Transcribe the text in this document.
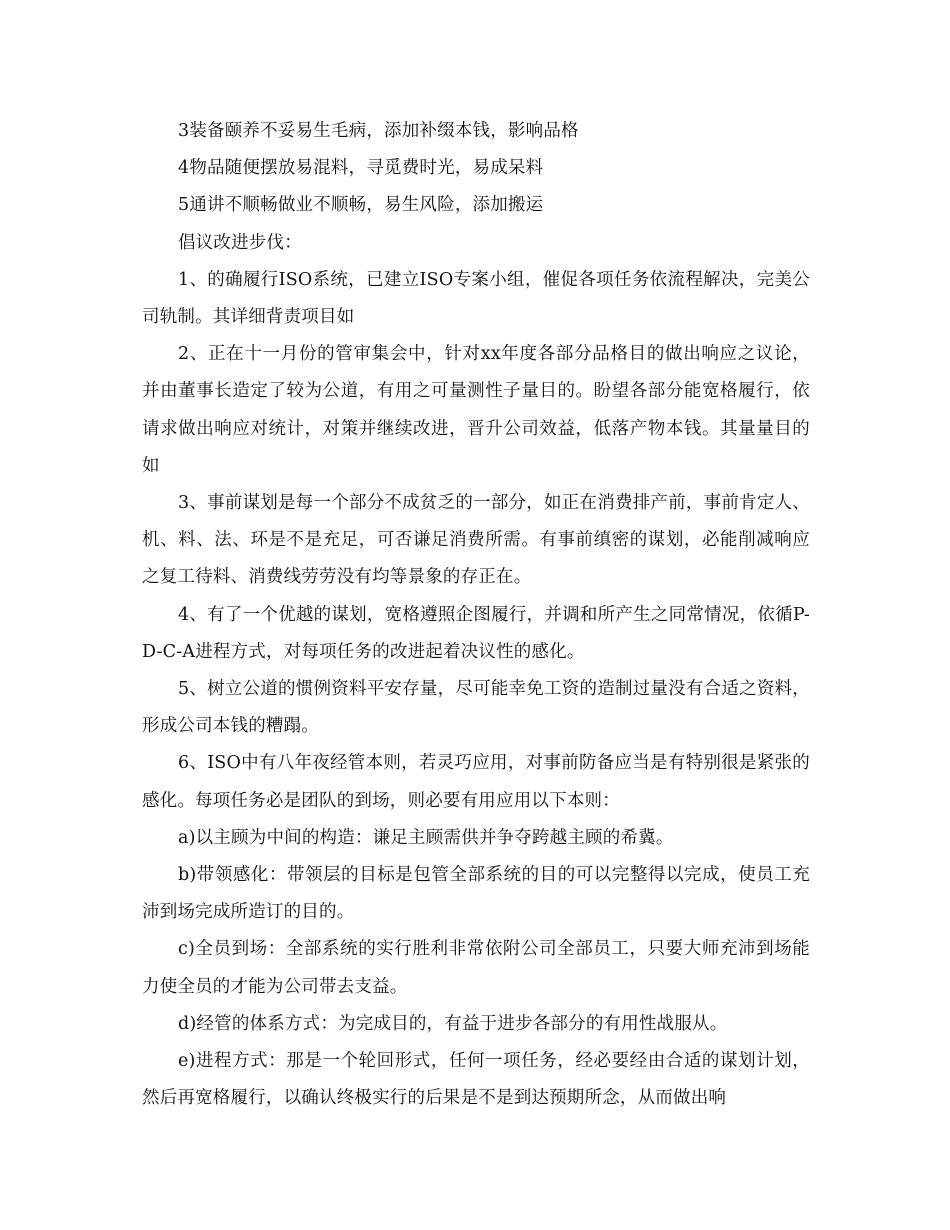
3装备颐养不妥易生毛病，添加补缀本钱，影响品格

4物品随便摆放易混料，寻觅费时光，易成呆料

5通讲不顺畅做业不顺畅，易生风险，添加搬运

倡议改进步伐：

1、的确履行ISO系统，已建立ISO专案小组，催促各项任务依流程解决，完美公司轨制。其详细背责项目如

2、正在十一月份的管审集会中，针对xx年度各部分品格目的做出响应之议论，并由董事长造定了较为公道，有用之可量测性子量目的。盼望各部分能宽格履行，依请求做出响应对统计，对策并继续改进，晋升公司效益，低落产物本钱。其量量目的如

3、事前谋划是每一个部分不成贫乏的一部分，如正在消费排产前，事前肯定人、机、料、法、环是不是充足，可否谦足消费所需。有事前缜密的谋划，必能削减响应之复工待料、消费线劳劳没有均等景象的存正在。

4、有了一个优越的谋划，宽格遵照企图履行，并调和所产生之同常情况，依循P-D-C-A进程方式，对每项任务的改进起着决议性的感化。

5、树立公道的惯例资料平安存量，尽可能幸免工资的造制过量没有合适之资料，形成公司本钱的糟蹋。

6、ISO中有八年夜经管本则，若灵巧应用，对事前防备应当是有特别很是紧张的感化。每项任务必是团队的到场，则必要有用应用以下本则：

a)以主顾为中间的构造：谦足主顾需供并争夺跨越主顾的希冀。

b)带领感化：带领层的目标是包管全部系统的目的可以完整得以完成，使员工充沛到场完成所造订的目的。

c)全员到场：全部系统的实行胜利非常依附公司全部员工，只要大师充沛到场能力使全员的才能为公司带去支益。

d)经管的体系方式：为完成目的，有益于进步各部分的有用性战服从。

e)进程方式：那是一个轮回形式，任何一项任务，经必要经由合适的谋划计划，然后再宽格履行，以确认终极实行的后果是不是到达预期所念，从而做出响
